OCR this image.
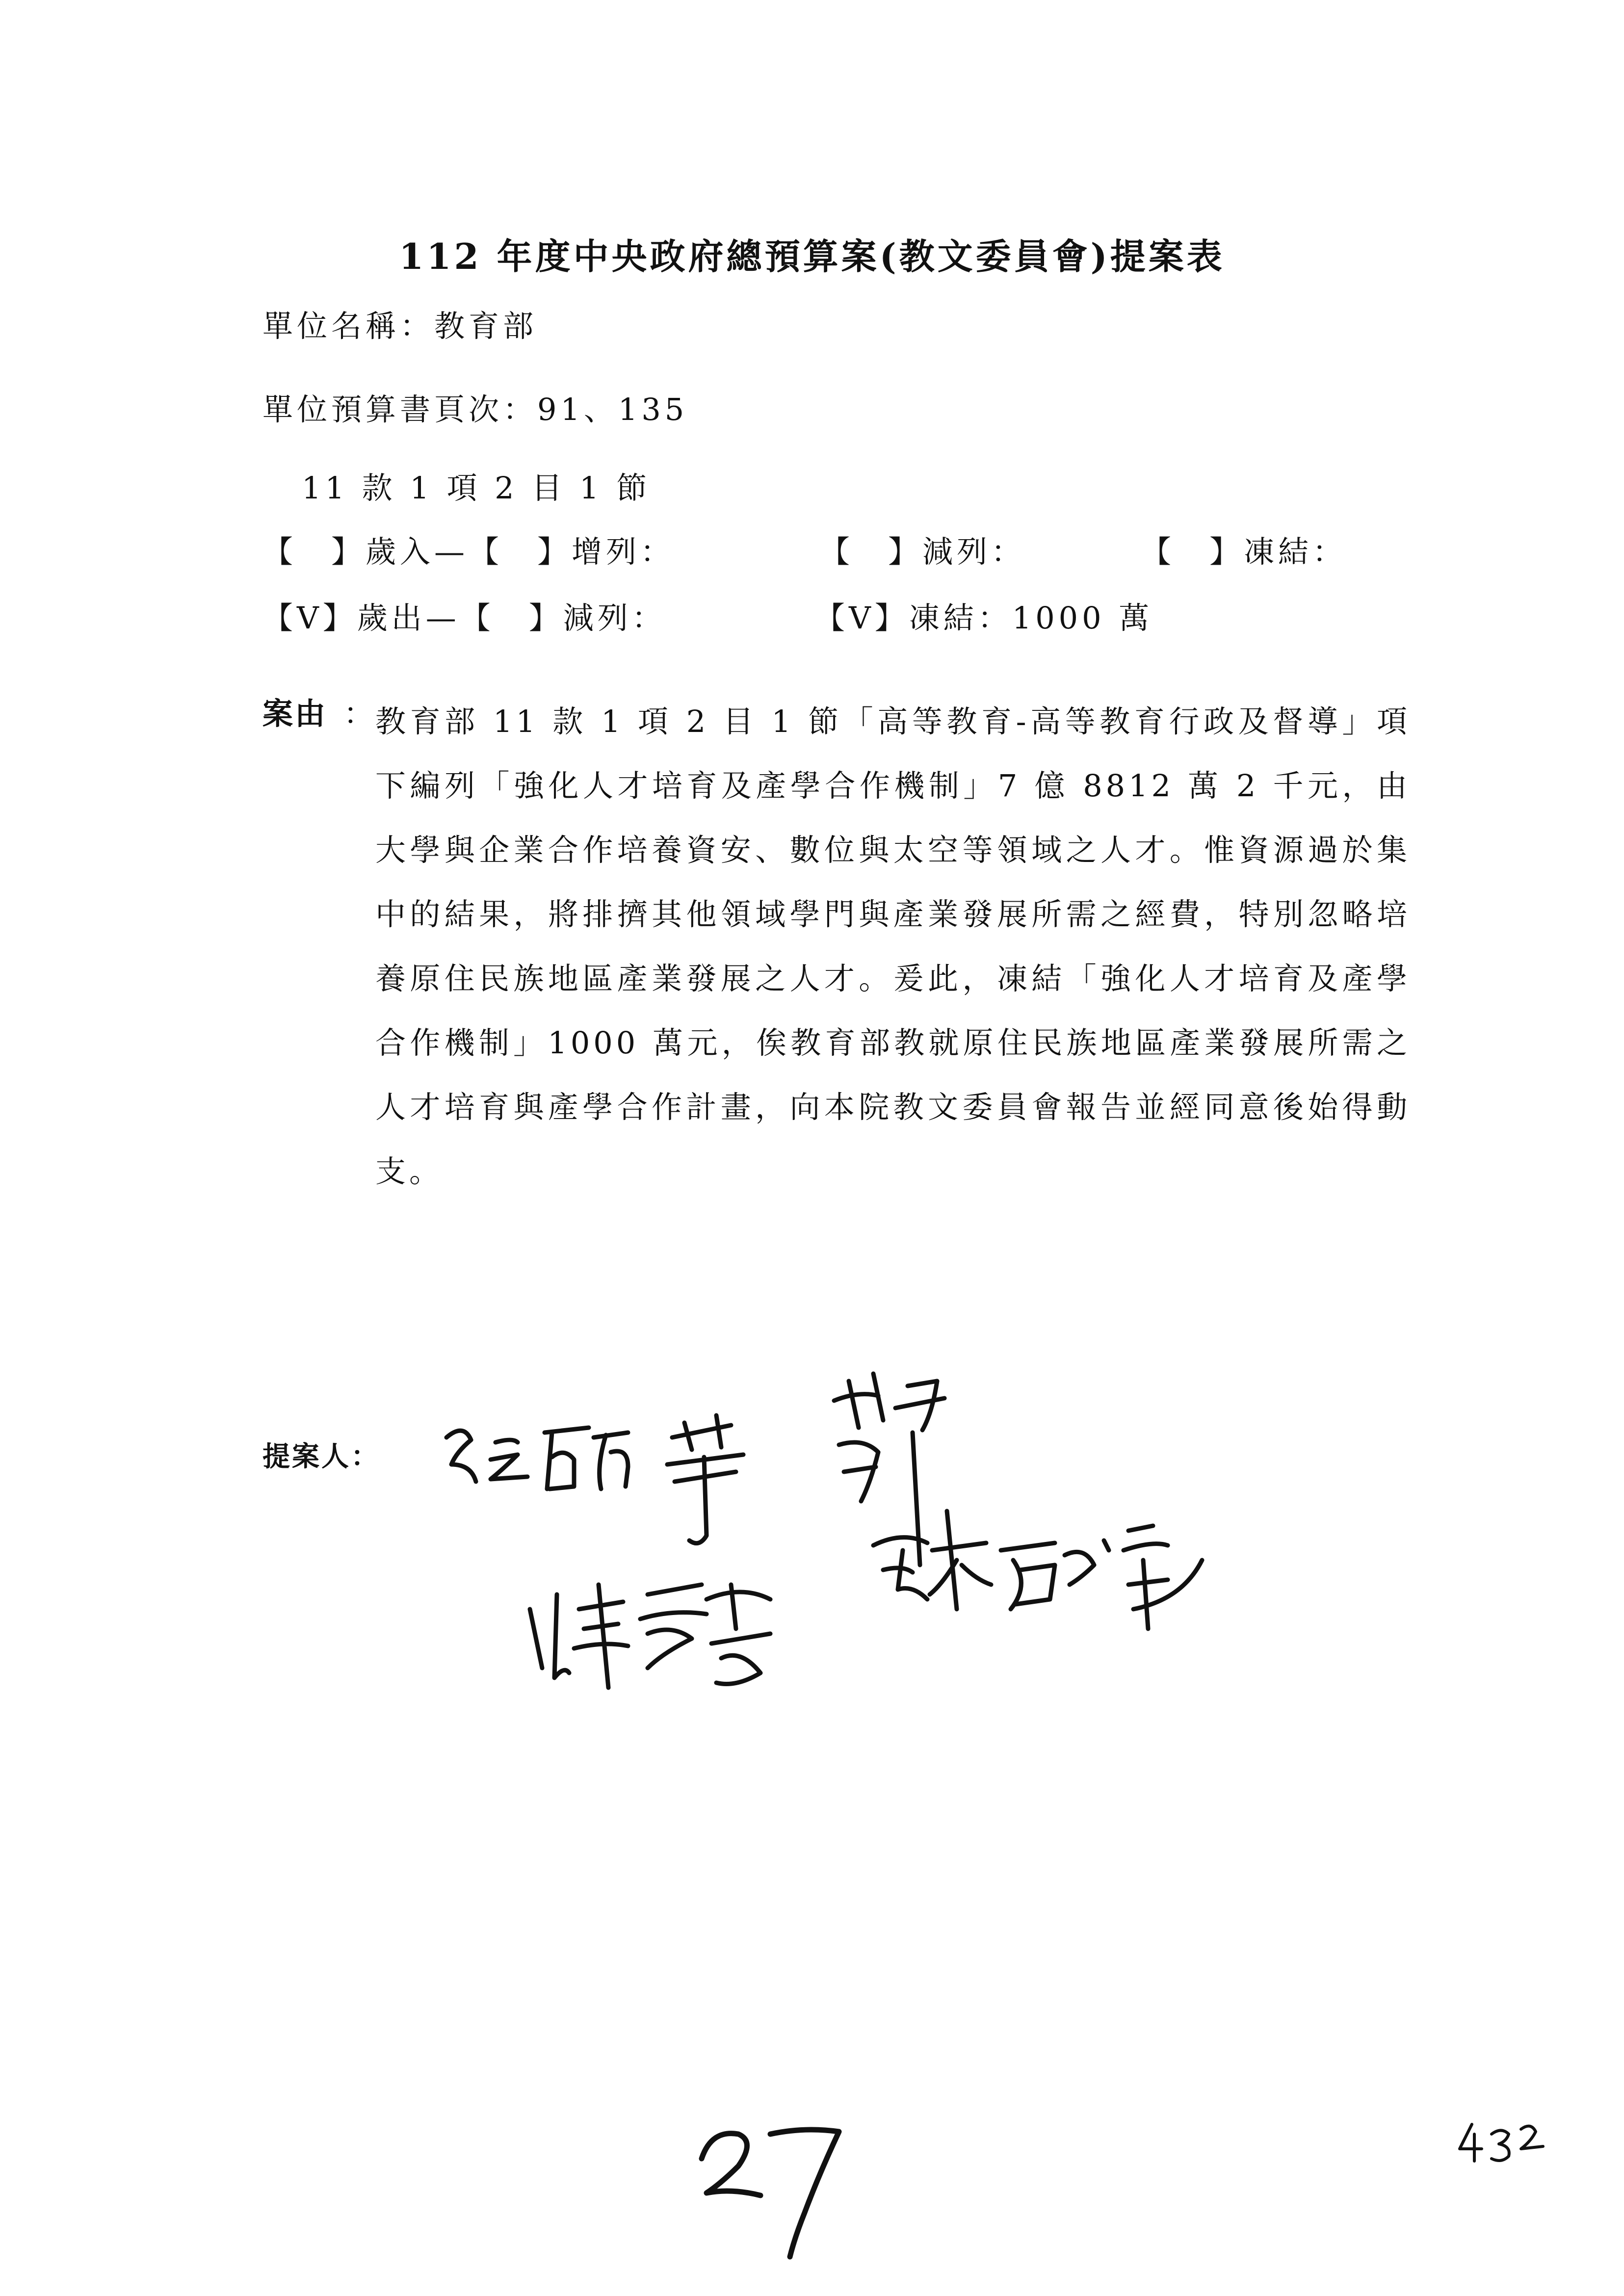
112 年度中央政府總預算案(教文委員會)提案表
單位名稱：教育部
單位預算書頁次：91、135
11 款 1 項 2 目 1 節
【　】歲入—【　】增列：	【　】減列：	【　】凍結：
【V】歲出—【　】減列：	【V】凍結：1000 萬
案由 ： 教育部 11 款 1 項 2 目 1 節「高等教育-高等教育行政及督導」項下編列「強化人才培育及產學合作機制」7 億 8812 萬 2 千元，由大學與企業合作培養資安、數位與太空等領域之人才。惟資源過於集中的結果，將排擠其他領域學門與產業發展所需之經費，特別忽略培養原住民族地區產業發展之人才。爰此，凍結「強化人才培育及產學合作機制」1000 萬元，俟教育部教就原住民族地區產業發展所需之人才培育與產學合作計畫，向本院教文委員會報告並經同意後始得動支。
提案人：
